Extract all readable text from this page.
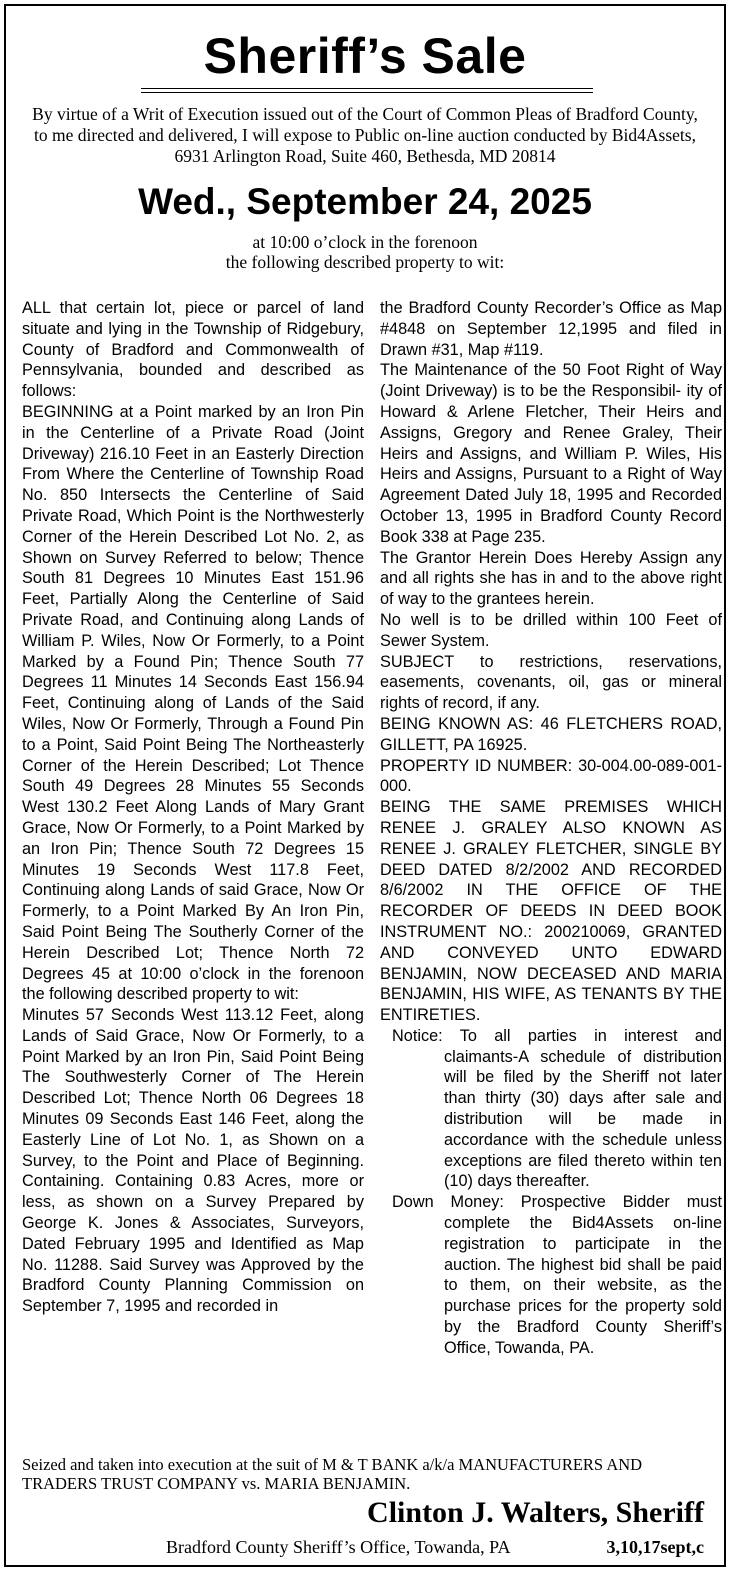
Sheriff’s Sale
By virtue of a Writ of Execution issued out of the Court of Common Pleas of Bradford County, to me directed and delivered, I will expose to Public on-line auction conducted by Bid4Assets, 6931 Arlington Road, Suite 460, Bethesda, MD 20814
Wed., September 24, 2025
at 10:00 o’clock in the forenoon
the following described property to wit:

ALL that certain lot, piece or parcel of land situate and lying in the Township of Ridgebury, County of Bradford and Commonwealth of Pennsylvania, bounded and described as follows:

BEGINNING at a Point marked by an Iron Pin in the Centerline of a Private Road (Joint Driveway) 216.10 Feet in an Easterly Direction From Where the Centerline of Township Road No. 850 Intersects the Centerline of Said Private Road, Which Point is the Northwesterly Corner of the Herein Described Lot No. 2, as Shown on Survey Referred to below; Thence South 81 Degrees 10 Minutes East 151.96 Feet, Partially Along the Centerline of Said Private Road, and Continuing along Lands of William P. Wiles, Now Or Formerly, to a Point Marked by a Found Pin; Thence South 77 Degrees 11 Minutes 14 Seconds East 156.94 Feet, Continuing along of Lands of the Said Wiles, Now Or Formerly, Through a Found Pin to a Point, Said Point Being The Northeasterly Corner of the Herein Described; Lot Thence South 49 Degrees 28 Minutes 55 Seconds West 130.2 Feet Along Lands of Mary Grant Grace, Now Or Formerly, to a Point Marked by an Iron Pin; Thence South 72 Degrees 15 Minutes 19 Seconds West 117.8 Feet, Continuing along Lands of said Grace, Now Or Formerly, to a Point Marked By An Iron Pin, Said Point Being The Southerly Corner of the Herein Described Lot; Thence North 72 Degrees 45 at 10:00 o’clock in the forenoon the following described property to wit:

Minutes 57 Seconds West 113.12 Feet, along Lands of Said Grace, Now Or Formerly, to a Point Marked by an Iron Pin, Said Point Being The Southwesterly Corner of The Herein Described Lot; Thence North 06 Degrees 18 Minutes 09 Seconds East 146 Feet, along the Easterly Line of Lot No. 1, as Shown on a Survey, to the Point and Place of Beginning. Containing. Containing 0.83 Acres, more or less, as shown on a Survey Prepared by George K. Jones & Associates, Surveyors, Dated February 1995 and Identified as Map No. 11288. Said Survey was Approved by the Bradford County Planning Commission on September 7, 1995 and recorded in

the Bradford County Recorder’s Office as Map #4848 on September 12,1995 and filed in Drawn #31, Map #119.

The Maintenance of the 50 Foot Right of Way (Joint Driveway) is to be the Responsibil- ity of Howard & Arlene Fletcher, Their Heirs and Assigns, Gregory and Renee Graley, Their Heirs and Assigns, and William P. Wiles, His Heirs and Assigns, Pursuant to a Right of Way Agreement Dated July 18, 1995 and Recorded October 13, 1995 in Bradford County Record Book 338 at Page 235.

The Grantor Herein Does Hereby Assign any and all rights she has in and to the above right of way to the grantees herein.

No well is to be drilled within 100 Feet of Sewer System.

SUBJECT to restrictions, reservations, easements, covenants, oil, gas or mineral rights of record, if any.

BEING KNOWN AS: 46 FLETCHERS ROAD, GILLETT, PA 16925.

PROPERTY ID NUMBER: 30-004.00-089-001-000.

BEING THE SAME PREMISES WHICH RENEE J. GRALEY ALSO KNOWN AS RENEE J. GRALEY FLETCHER, SINGLE BY DEED DATED 8/2/2002 AND RECORDED 8/6/2002 IN THE OFFICE OF THE RECORDER OF DEEDS IN DEED BOOK INSTRUMENT NO.: 200210069, GRANTED AND CONVEYED UNTO EDWARD BENJAMIN, NOW DECEASED AND MARIA BENJAMIN, HIS WIFE, AS TENANTS BY THE ENTIRETIES.

Notice: To all parties in interest and claimants-A schedule of distribution will be filed by the Sheriff not later than thirty (30) days after sale and distribution will be made in accordance with the schedule unless exceptions are filed thereto within ten (10) days thereafter.

Down Money: Prospective Bidder must complete the Bid4Assets on-line registration to participate in the auction. The highest bid shall be paid to them, on their website, as the purchase prices for the property sold by the Bradford County Sheriff’s Office, Towanda, PA.

Seized and taken into execution at the suit of M & T BANK a/k/a MANUFACTURERS AND TRADERS TRUST COMPANY vs. MARIA BENJAMIN.
Clinton J. Walters, Sheriff
Bradford County Sheriff’s Office, Towanda, PA	3,10,17sept,c
